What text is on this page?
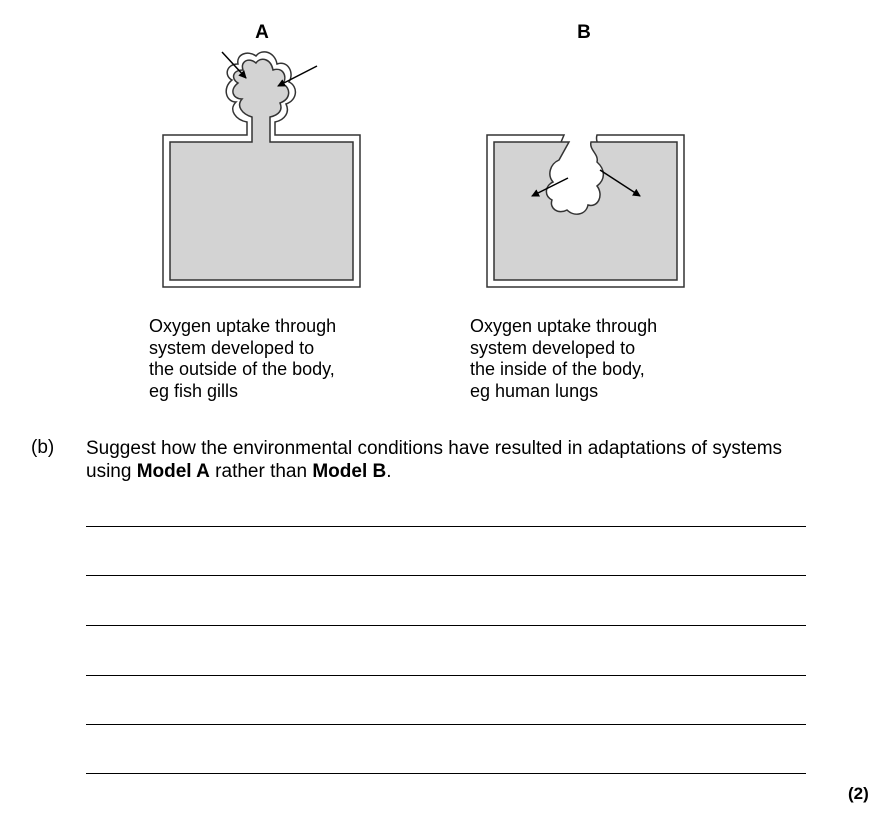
A	B
Oxygen uptake through
system developed to
the outside of the body,
eg fish gills
Oxygen uptake through
system developed to
the inside of the body,
eg human lungs
(b) Suggest how the environmental conditions have resulted in adaptations of systems using Model A rather than Model B.
(2)
